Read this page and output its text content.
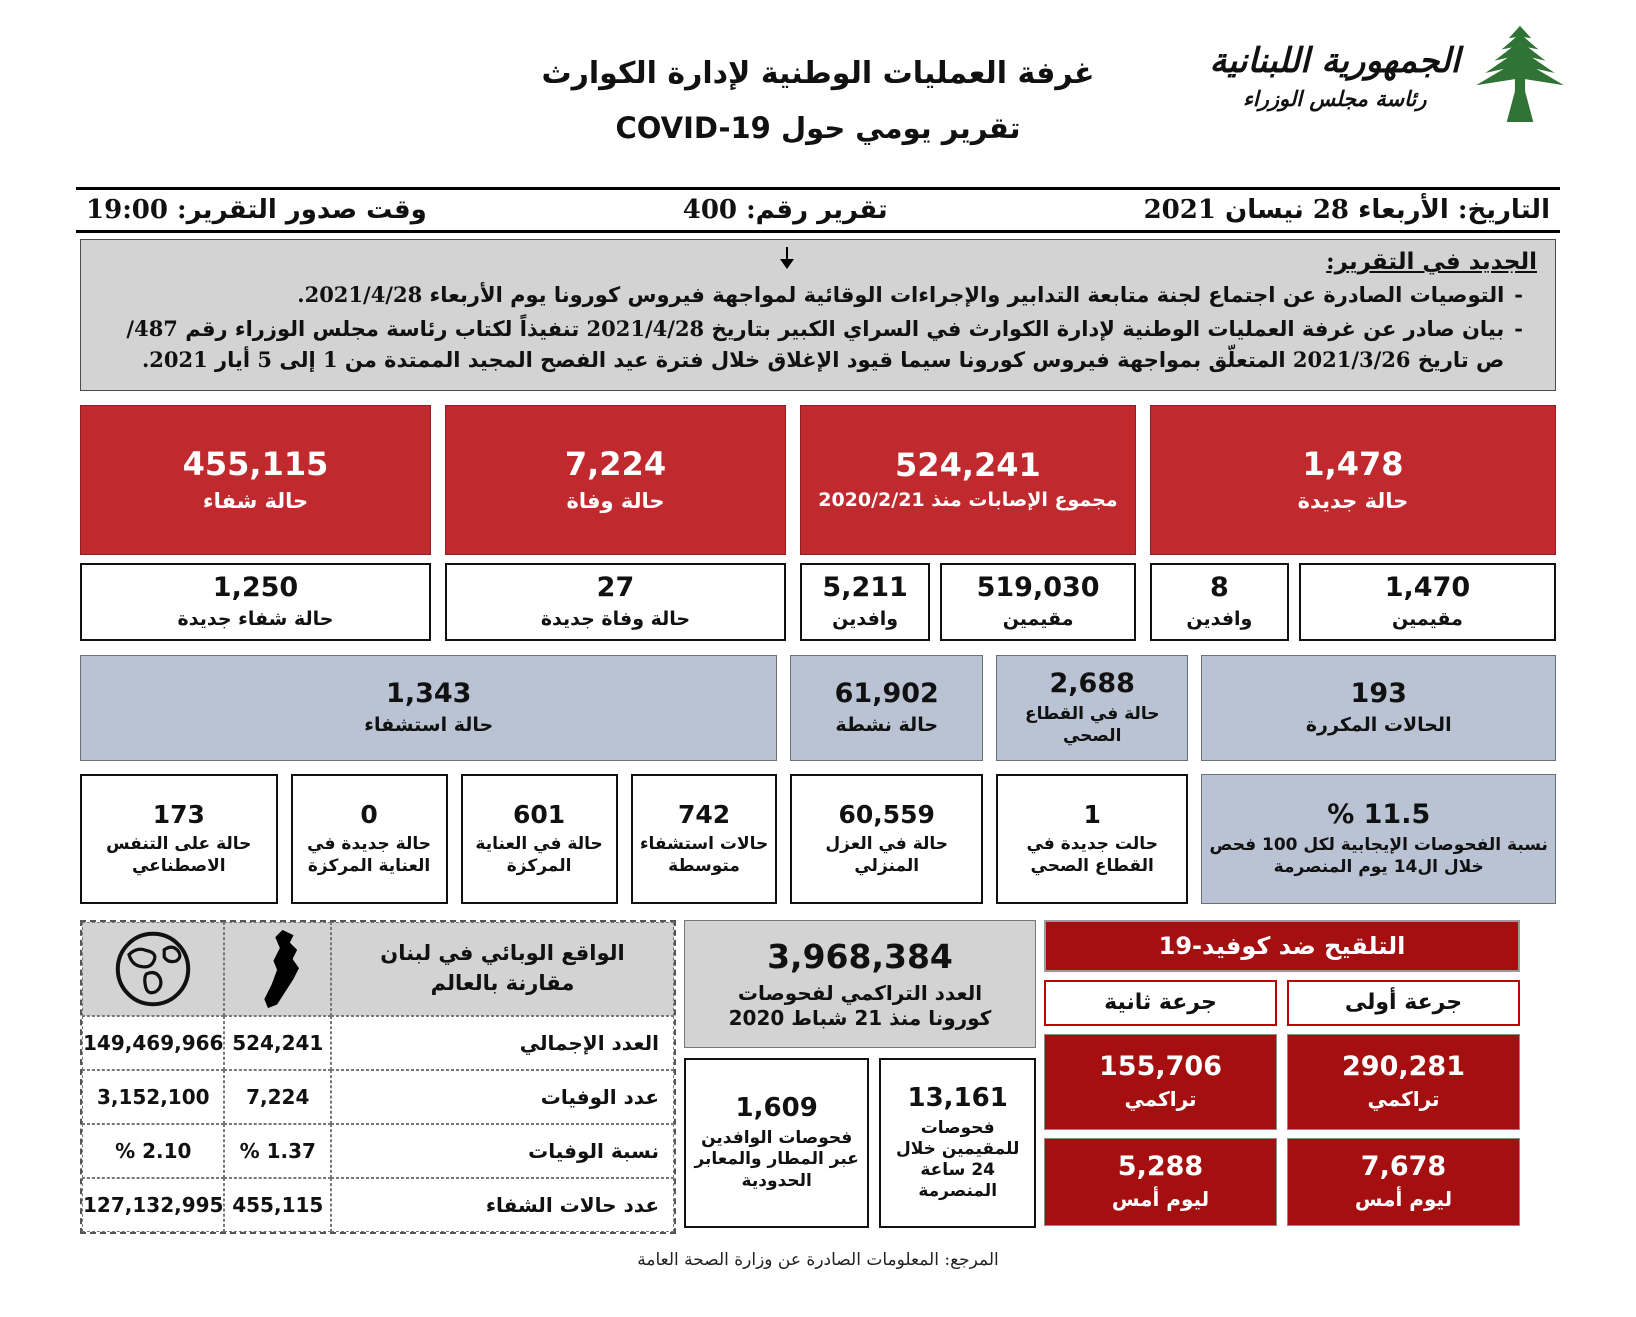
الجمهورية اللبنانية
رئاسة مجلس الوزراء
غرفة العمليات الوطنية لإدارة الكوارث
تقرير يومي حول COVID-19
التاريخ: الأربعاء 28 نيسان 2021
تقرير رقم: 400
وقت صدور التقرير: 19:00
الجديد في التقرير:
-
التوصيات الصادرة عن اجتماع لجنة متابعة التدابير والإجراءات الوقائية لمواجهة فيروس كورونا يوم الأربعاء 2021/4/28.
-
بيان صادر عن غرفة العمليات الوطنية لإدارة الكوارث في السراي الكبير بتاريخ 2021/4/28 تنفيذاً لكتاب رئاسة مجلس الوزراء رقم 487/ ص تاريخ 2021/3/26 المتعلّق بمواجهة فيروس كورونا سيما قيود الإغلاق خلال فترة عيد الفصح المجيد الممتدة من 1 إلى 5 أيار 2021.
1,478
حالة جديدة
1,470
مقيمين
8
وافدين
524,241
مجموع الإصابات منذ 2020/2/21
519,030
مقيمين
5,211
وافدين
7,224
حالة وفاة
27
حالة وفاة جديدة
455,115
حالة شفاء
1,250
حالة شفاء جديدة
193
الحالات المكررة
2,688
حالة في القطاع الصحي
61,902
حالة نشطة
1,343
حالة استشفاء
11.5 %
نسبة الفحوصات الإيجابية لكل 100 فحص خلال ال14 يوم المنصرمة
1
حالت جديدة في القطاع الصحي
60,559
حالة في العزل المنزلي
742
حالات استشفاء متوسطة
601
حالة في العناية المركزة
0
حالة جديدة في العناية المركزة
173
حالة على التنفس الاصطناعي
التلقيح ضد كوفيد-19
جرعة أولى
جرعة ثانية
290,281
تراكمي
155,706
تراكمي
7,678
ليوم أمس
5,288
ليوم أمس
3,968,384
العدد التراكمي لفحوصات كورونا منذ 21 شباط 2020
13,161
فحوصات للمقيمين خلال 24 ساعة المنصرمة
1,609
فحوصات الوافدين عبر المطار والمعابر الحدودية
الواقع الوبائي في لبنان مقارنة بالعالم
العدد الإجمالي
524,241
149,469,966
عدد الوفيات
7,224
3,152,100
نسبة الوفيات
1.37 %
2.10 %
عدد حالات الشفاء
455,115
127,132,995
المرجع: المعلومات الصادرة عن وزارة الصحة العامة
